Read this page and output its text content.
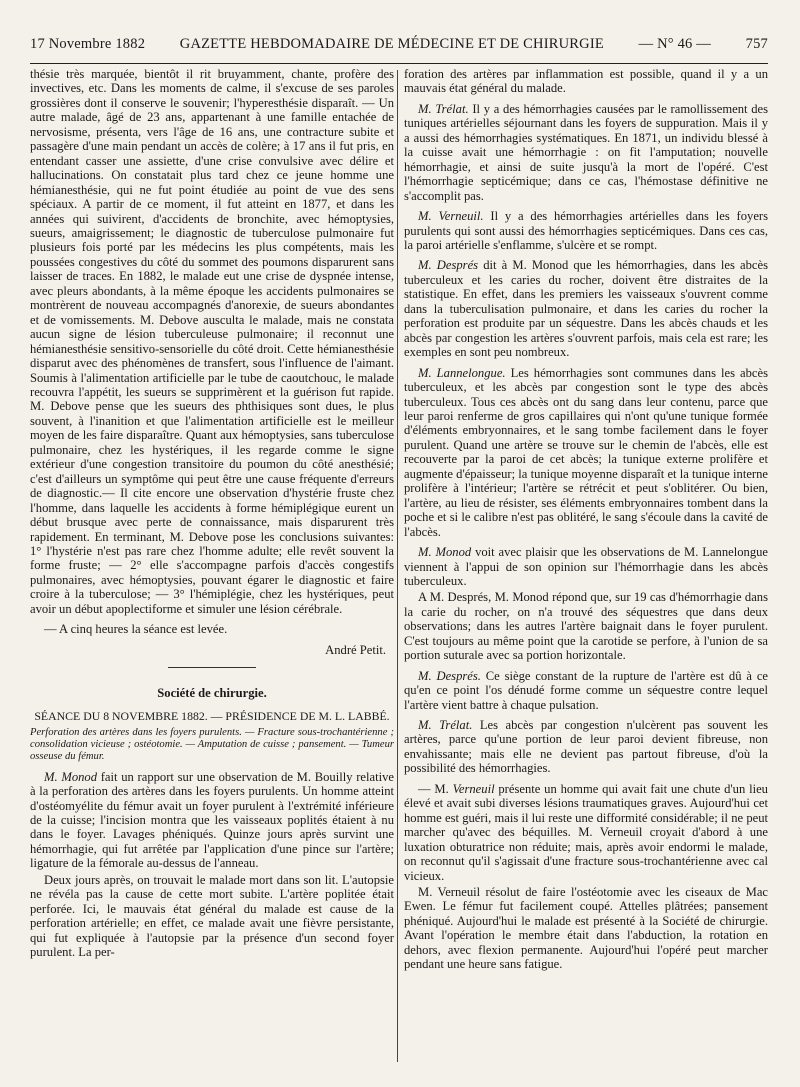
17 Novembre 1882 GAZETTE HEBDOMADAIRE DE MÉDECINE ET DE CHIRURGIE — N° 46 — 757

thésie très marquée, bientôt il rit bruyamment, chante, profère des invectives, etc. Dans les moments de calme, il s'excuse de ses paroles grossières dont il conserve le souvenir; l'hyperesthésie disparaît. — Un autre malade, âgé de 23 ans, appartenant à une famille entachée de nervosisme, présenta, vers l'âge de 16 ans, une contracture subite et passagère d'une main pendant un accès de colère; à 17 ans il fut pris, en entendant casser une assiette, d'une crise convulsive avec délire et hallucinations. On constatait plus tard chez ce jeune homme une hémianesthésie, qui ne fut point étudiée au point de vue des sens spéciaux. A partir de ce moment, il fut atteint en 1877, et dans les années qui suivirent, d'accidents de bronchite, avec hémoptysies, sueurs, amaigrissement; le diagnostic de tuberculose pulmonaire fut plusieurs fois porté par les médecins les plus compétents, mais les poussées congestives du côté du sommet des poumons disparurent sans laisser de traces. En 1882, le malade eut une crise de dyspnée intense, avec pleurs abondants, à la même époque les accidents pulmonaires se montrèrent de nouveau accompagnés d'anorexie, de sueurs abondantes et de vomissements. M. Debove ausculta le malade, mais ne constata aucun signe de lésion tuberculeuse pulmonaire; il reconnut une hémianesthésie sensitivo-sensorielle du côté droit. Cette hémianesthésie disparut avec des phénomènes de transfert, sous l'influence de l'aimant. Soumis à l'alimentation artificielle par le tube de caoutchouc, le malade recouvra l'appétit, les sueurs se supprimèrent et la guérison fut rapide. M. Debove pense que les sueurs des phthisiques sont dues, le plus souvent, à l'inanition et que l'alimentation artificielle est le meilleur moyen de les faire disparaître. Quant aux hémoptysies, sans tuberculose pulmonaire, chez les hystériques, il les regarde comme le signe extérieur d'une congestion transitoire du poumon du côté anesthésié; c'est d'ailleurs un symptôme qui peut être une cause fréquente d'erreurs de diagnostic.— Il cite encore une observation d'hystérie fruste chez l'homme, dans laquelle les accidents à forme hémiplégique eurent un début brusque avec perte de connaissance, mais disparurent très rapidement. En terminant, M. Debove pose les conclusions suivantes: 1° l'hystérie n'est pas rare chez l'homme adulte; elle revêt souvent la forme fruste; — 2° elle s'accompagne parfois d'accès congestifs pulmonaires, avec hémoptysies, pouvant égarer le diagnostic et faire croire à la tuberculose; — 3° l'hémiplégie, chez les hystériques, peut avoir un début apoplectiforme et simuler une lésion cérébrale.

— A cinq heures la séance est levée.

André Petit.
Société de chirurgie.
SÉANCE DU 8 NOVEMBRE 1882. — PRÉSIDENCE DE M. L. LABBÉ.
Perforation des artères dans les foyers purulents. — Fracture sous-trochantérienne ; consolidation vicieuse ; ostéotomie. — Amputation de cuisse ; pansement. — Tumeur osseuse du fémur.

M. Monod fait un rapport sur une observation de M. Bouilly relative à la perforation des artères dans les foyers purulents. Un homme atteint d'ostéomyélite du fémur avait un foyer purulent à l'extrémité inférieure de la cuisse; l'incision montra que les vaisseaux poplités étaient à nu dans le foyer. Lavages phéniqués. Quinze jours après survint une hémorrhagie, qui fut arrêtée par l'application d'une pince sur l'artère; ligature de la fémorale au-dessus de l'anneau.

Deux jours après, on trouvait le malade mort dans son lit. L'autopsie ne révéla pas la cause de cette mort subite. L'artère poplitée était perforée. Ici, le mauvais état général du malade est cause de la perforation artérielle; en effet, ce malade avait une fièvre persistante, qui fut expliquée à l'autopsie par la présence d'un second foyer purulent. La per-

foration des artères par inflammation est possible, quand il y a un mauvais état général du malade.

M. Trélat. Il y a des hémorrhagies causées par le ramollissement des tuniques artérielles séjournant dans les foyers de suppuration. Mais il y a aussi des hémorrhagies systématiques. En 1871, un individu blessé à la cuisse avait une hémorrhagie : on fit l'amputation; nouvelle hémorrhagie, et ainsi de suite jusqu'à la mort de l'opéré. C'est l'hémorrhagie septicémique; dans ce cas, l'hémostase définitive ne s'accomplit pas.

M. Verneuil. Il y a des hémorrhagies artérielles dans les foyers purulents qui sont aussi des hémorrhagies septicémiques. Dans ces cas, la paroi artérielle s'enflamme, s'ulcère et se rompt.

M. Després dit à M. Monod que les hémorrhagies, dans les abcès tuberculeux et les caries du rocher, doivent être distraites de la statistique. En effet, dans les premiers les vaisseaux s'ouvrent comme dans la tuberculisation pulmonaire, et dans les caries du rocher la perforation est produite par un séquestre. Dans les abcès chauds et les abcès par congestion les artères s'ouvrent parfois, mais cela est rare; les exemples en sont peu nombreux.

M. Lannelongue. Les hémorrhagies sont communes dans les abcès tuberculeux, et les abcès par congestion sont le type des abcès tuberculeux. Tous ces abcès ont du sang dans leur contenu, parce que leur paroi renferme de gros capillaires qui n'ont qu'une tunique formée d'éléments embryonnaires, et le sang tombe facilement dans le foyer purulent. Quand une artère se trouve sur le chemin de l'abcès, elle est recouverte par la paroi de cet abcès; la tunique externe prolifère et augmente d'épaisseur; la tunique moyenne disparaît et la tunique interne prolifère à l'intérieur; l'artère se rétrécit et peut s'oblitérer. Ou bien, l'artère, au lieu de résister, ses éléments embryonnaires tombent dans la poche et si le calibre n'est pas oblitéré, le sang s'écoule dans la cavité de l'abcès.

M. Monod voit avec plaisir que les observations de M. Lannelongue viennent à l'appui de son opinion sur l'hémorrhagie dans les abcès tuberculeux.

A M. Després, M. Monod répond que, sur 19 cas d'hémorrhagie dans la carie du rocher, on n'a trouvé des séquestres que dans deux observations; dans les autres l'artère baignait dans le foyer purulent. C'est toujours au même point que la carotide se perfore, à l'union de sa portion suturale avec sa portion horizontale.

M. Després. Ce siège constant de la rupture de l'artère est dû à ce qu'en ce point l'os dénudé forme comme un séquestre contre lequel l'artère vient battre à chaque pulsation.

M. Trélat. Les abcès par congestion n'ulcèrent pas souvent les artères, parce qu'une portion de leur paroi devient fibreuse, non envahissante; mais elle ne devient pas partout fibreuse, d'où la possibilité des hémorrhagies.

— M. Verneuil présente un homme qui avait fait une chute d'un lieu élevé et avait subi diverses lésions traumatiques graves. Aujourd'hui cet homme est guéri, mais il lui reste une difformité considérable; il ne peut marcher qu'avec des béquilles. M. Verneuil croyait d'abord à une luxation obturatrice non réduite; mais, après avoir endormi le malade, on reconnut qu'il s'agissait d'une fracture sous-trochantérienne avec cal vicieux.

M. Verneuil résolut de faire l'ostéotomie avec les ciseaux de Mac Ewen. Le fémur fut facilement coupé. Attelles plâtrées; pansement phéniqué. Aujourd'hui le malade est présenté à la Société de chirurgie. Avant l'opération le membre était dans l'abduction, la rotation en dehors, avec flexion permanente. Aujourd'hui l'opéré peut marcher pendant une heure sans fatigue.
